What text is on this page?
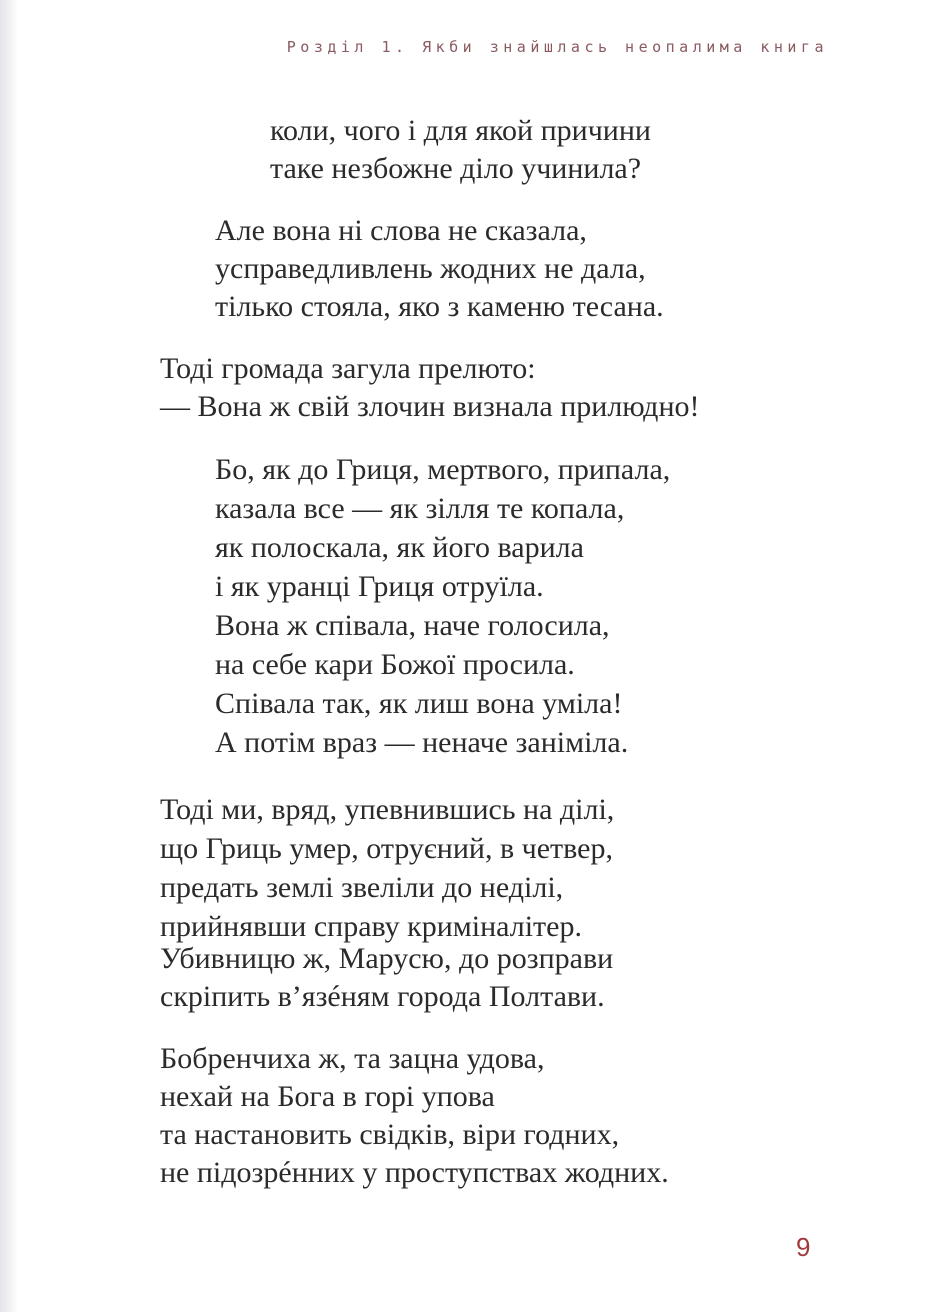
Розділ 1. Якби знайшлась неопалима книга
коли, чого і для якой причини
таке незбожне діло учинила?
Але вона ні слова не сказала,
усправедливлень жодних не дала,
тілько стояла, яко з каменю тесана.
Тоді громада загула прелюто:
— Вона ж свій злочин визнала прилюдно!
Бо, як до Гриця, мертвого, припала,
казала все — як зілля те копала,
як полоскала, як його варила
і як уранці Гриця отруїла.
Вона ж співала, наче голосила,
на себе кари Божої просила.
Співала так, як лиш вона уміла!
А потім враз — неначе заніміла.
Тоді ми, вряд, упевнившись на ділі,
що Гриць умер, отруєний, в четвер,
предать землі звеліли до неділі,
прийнявши справу криміналітер.
Убивницю ж, Марусю, до розправи
скріпить в’язéням города Полтави.
Бобренчиха ж, та зацна удова,
нехай на Бога в горі упова
та настановить свідків, віри годних,
не підозрéнних у проступствах жодних.
9
